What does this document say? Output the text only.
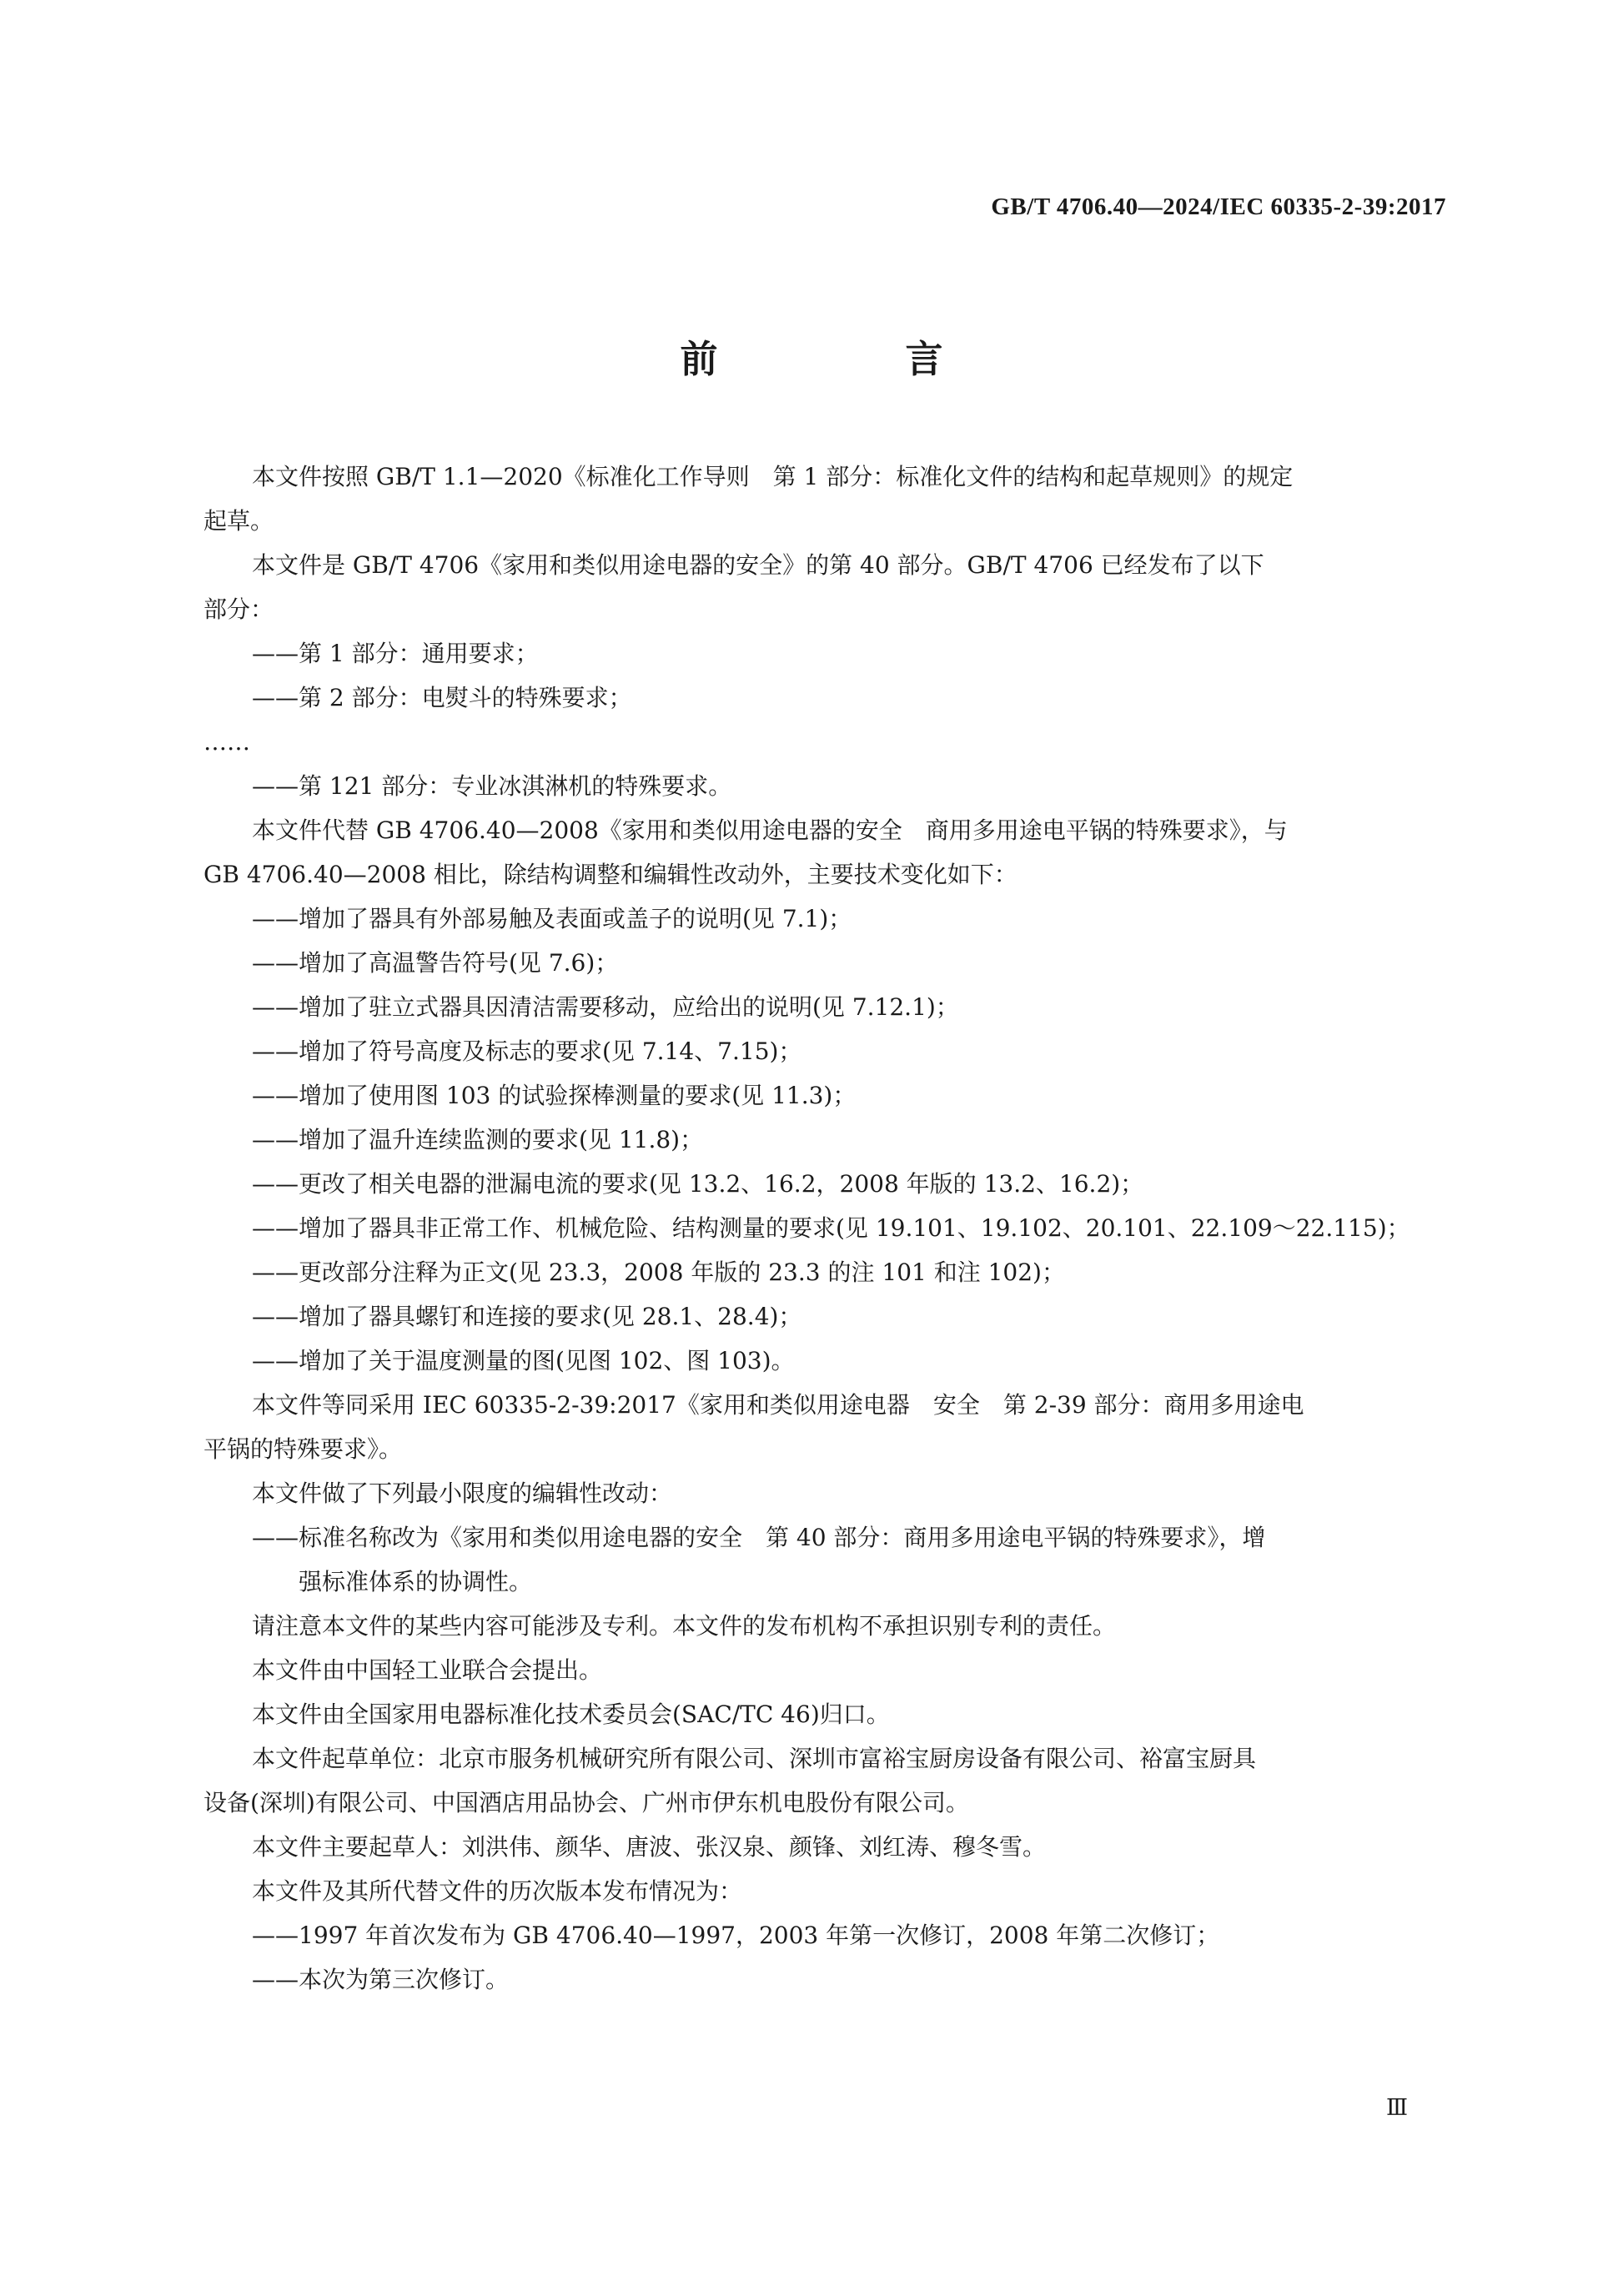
GB/T 4706.40—2024/IEC 60335-2-39:2017
前　言
本文件按照 GB/T 1.1—2020《标准化工作导则　第 1 部分：标准化文件的结构和起草规则》的规定
起草。
本文件是 GB/T 4706《家用和类似用途电器的安全》的第 40 部分。GB/T 4706 已经发布了以下
部分：
——第 1 部分：通用要求；
——第 2 部分：电熨斗的特殊要求；
……
——第 121 部分：专业冰淇淋机的特殊要求。
本文件代替 GB 4706.40—2008《家用和类似用途电器的安全　商用多用途电平锅的特殊要求》，与
GB 4706.40—2008 相比，除结构调整和编辑性改动外，主要技术变化如下：
——增加了器具有外部易触及表面或盖子的说明(见 7.1)；
——增加了高温警告符号(见 7.6)；
——增加了驻立式器具因清洁需要移动，应给出的说明(见 7.12.1)；
——增加了符号高度及标志的要求(见 7.14、7.15)；
——增加了使用图 103 的试验探棒测量的要求(见 11.3)；
——增加了温升连续监测的要求(见 11.8)；
——更改了相关电器的泄漏电流的要求(见 13.2、16.2，2008 年版的 13.2、16.2)；
——增加了器具非正常工作、机械危险、结构测量的要求(见 19.101、19.102、20.101、22.109～22.115)；
——更改部分注释为正文(见 23.3，2008 年版的 23.3 的注 101 和注 102)；
——增加了器具螺钉和连接的要求(见 28.1、28.4)；
——增加了关于温度测量的图(见图 102、图 103)。
本文件等同采用 IEC 60335-2-39:2017《家用和类似用途电器　安全　第 2-39 部分：商用多用途电
平锅的特殊要求》。
本文件做了下列最小限度的编辑性改动：
——标准名称改为《家用和类似用途电器的安全　第 40 部分：商用多用途电平锅的特殊要求》，增
强标准体系的协调性。
请注意本文件的某些内容可能涉及专利。本文件的发布机构不承担识别专利的责任。
本文件由中国轻工业联合会提出。
本文件由全国家用电器标准化技术委员会(SAC/TC 46)归口。
本文件起草单位：北京市服务机械研究所有限公司、深圳市富裕宝厨房设备有限公司、裕富宝厨具
设备(深圳)有限公司、中国酒店用品协会、广州市伊东机电股份有限公司。
本文件主要起草人：刘洪伟、颜华、唐波、张汉泉、颜锋、刘红涛、穆冬雪。
本文件及其所代替文件的历次版本发布情况为：
——1997 年首次发布为 GB 4706.40—1997，2003 年第一次修订，2008 年第二次修订；
——本次为第三次修订。
Ⅲ
